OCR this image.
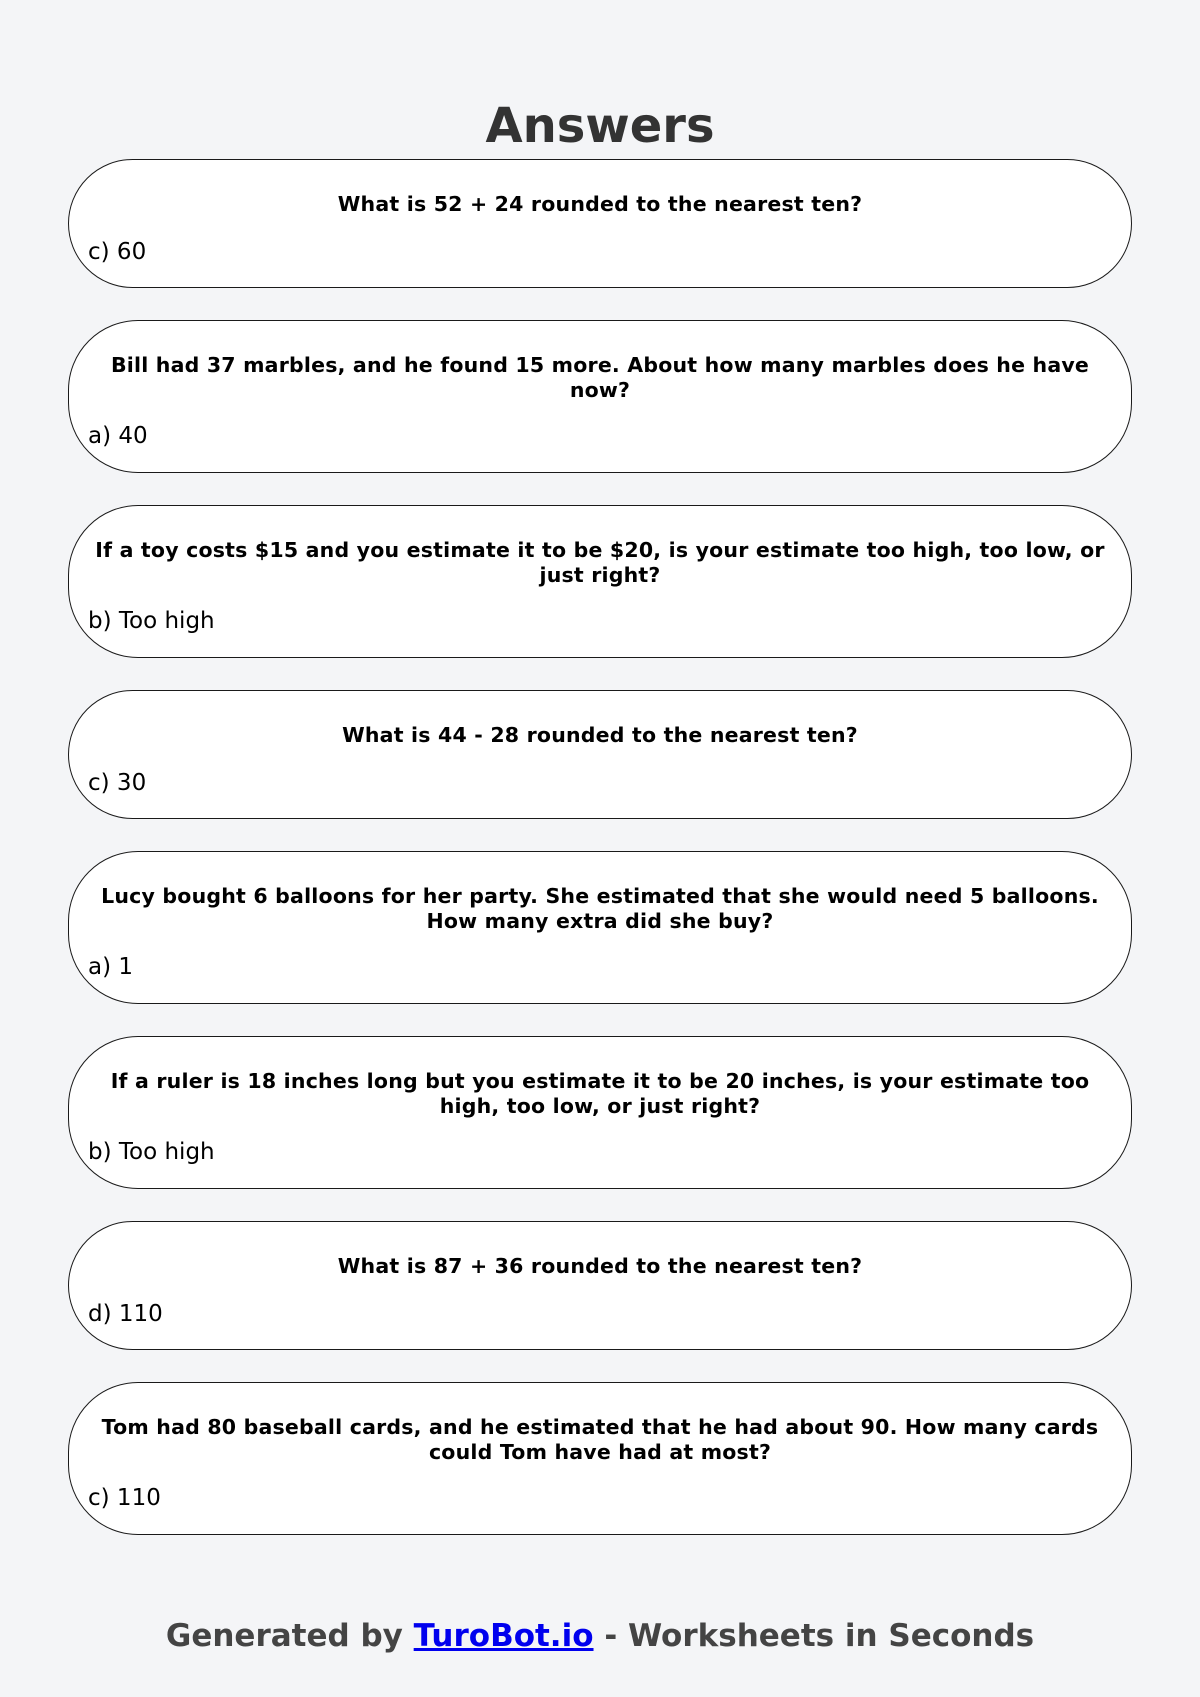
Answers
What is 52 + 24 rounded to the nearest ten?
c) 60
Bill had 37 marbles, and he found 15 more. About how many marbles does he have now?
a) 40
If a toy costs $15 and you estimate it to be $20, is your estimate too high, too low, or just right?
b) Too high
What is 44 - 28 rounded to the nearest ten?
c) 30
Lucy bought 6 balloons for her party. She estimated that she would need 5 balloons. How many extra did she buy?
a) 1
If a ruler is 18 inches long but you estimate it to be 20 inches, is your estimate too high, too low, or just right?
b) Too high
What is 87 + 36 rounded to the nearest ten?
d) 110
Tom had 80 baseball cards, and he estimated that he had about 90. How many cards could Tom have had at most?
c) 110
Generated by TuroBot.io - Worksheets in Seconds
